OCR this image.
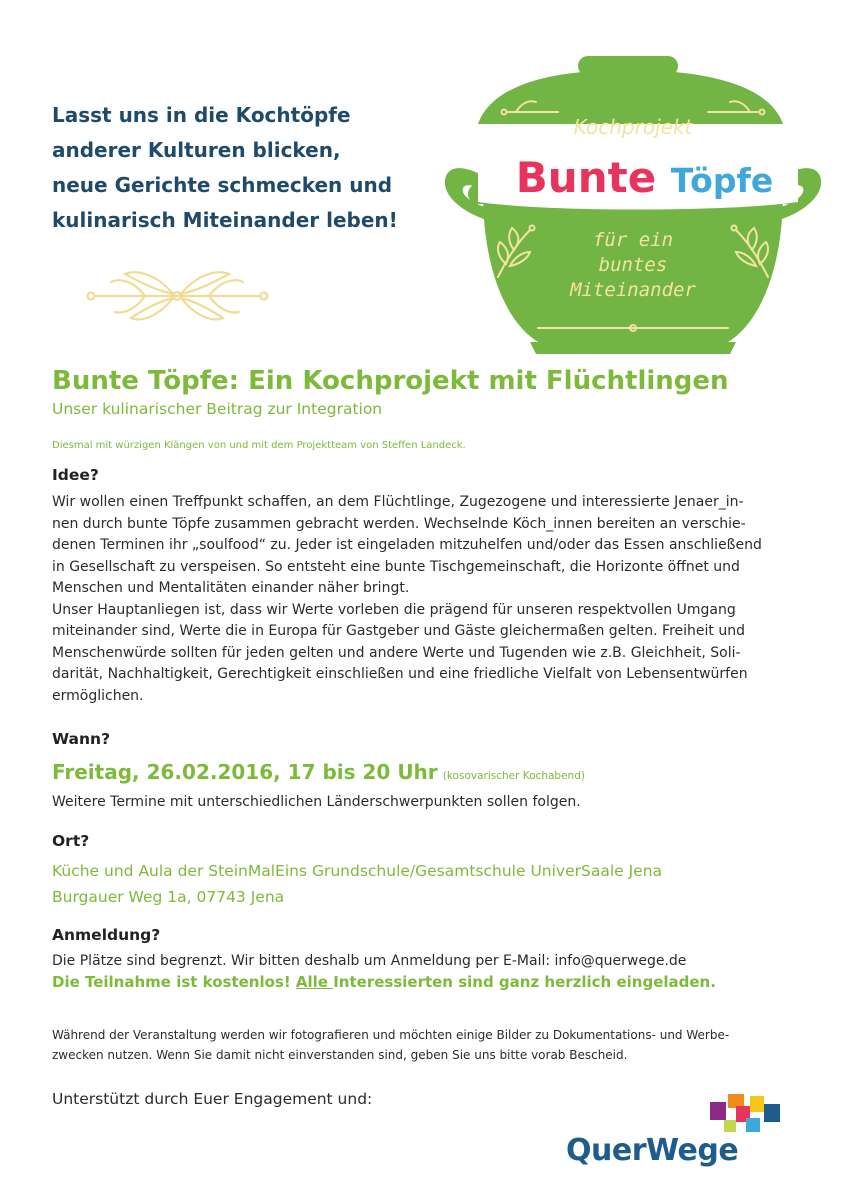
Lasst uns in die Kochtöpfe
anderer Kulturen blicken,
neue Gerichte schmecken und
kulinarisch Miteinander leben!
Kochprojekt
Bunte Töpfe
für ein
buntes
Miteinander
Bunte Töpfe: Ein Kochprojekt mit Flüchtlingen
Unser kulinarischer Beitrag zur Integration
Diesmal mit würzigen Klängen von und mit dem Projektteam von Steffen Landeck.
Idee?
Wir wollen einen Treffpunkt schaffen, an dem Flüchtlinge, Zugezogene und interessierte Jenaer_in-
nen durch bunte Töpfe zusammen gebracht werden. Wechselnde Köch_innen bereiten an verschie-
denen Terminen ihr „soulfood“ zu. Jeder ist eingeladen mitzuhelfen und/oder das Essen anschließend
in Gesellschaft zu verspeisen. So entsteht eine bunte Tischgemeinschaft, die Horizonte öffnet und
Menschen und Mentalitäten einander näher bringt.
Unser Hauptanliegen ist, dass wir Werte vorleben die prägend für unseren respektvollen Umgang
miteinander sind, Werte die in Europa für Gastgeber und Gäste gleichermaßen gelten. Freiheit und
Menschenwürde sollten für jeden gelten und andere Werte und Tugenden wie z.B. Gleichheit, Soli-
darität, Nachhaltigkeit, Gerechtigkeit einschließen und eine friedliche Vielfalt von Lebensentwürfen
ermöglichen.
Wann?
Freitag, 26.02.2016, 17 bis 20 Uhr (kosovarischer Kochabend)
Weitere Termine mit unterschiedlichen Länderschwerpunkten sollen folgen.
Ort?
Küche und Aula der SteinMalEins Grundschule/Gesamtschule UniverSaale Jena
Burgauer Weg 1a, 07743 Jena
Anmeldung?
Die Plätze sind begrenzt. Wir bitten deshalb um Anmeldung per E-Mail: info@querwege.de
Die Teilnahme ist kostenlos! Alle Interessierten sind ganz herzlich eingeladen.
Während der Veranstaltung werden wir fotografieren und möchten einige Bilder zu Dokumentations- und Werbe-
zwecken nutzen. Wenn Sie damit nicht einverstanden sind, geben Sie uns bitte vorab Bescheid.
Unterstützt durch Euer Engagement und:
QuerWege
